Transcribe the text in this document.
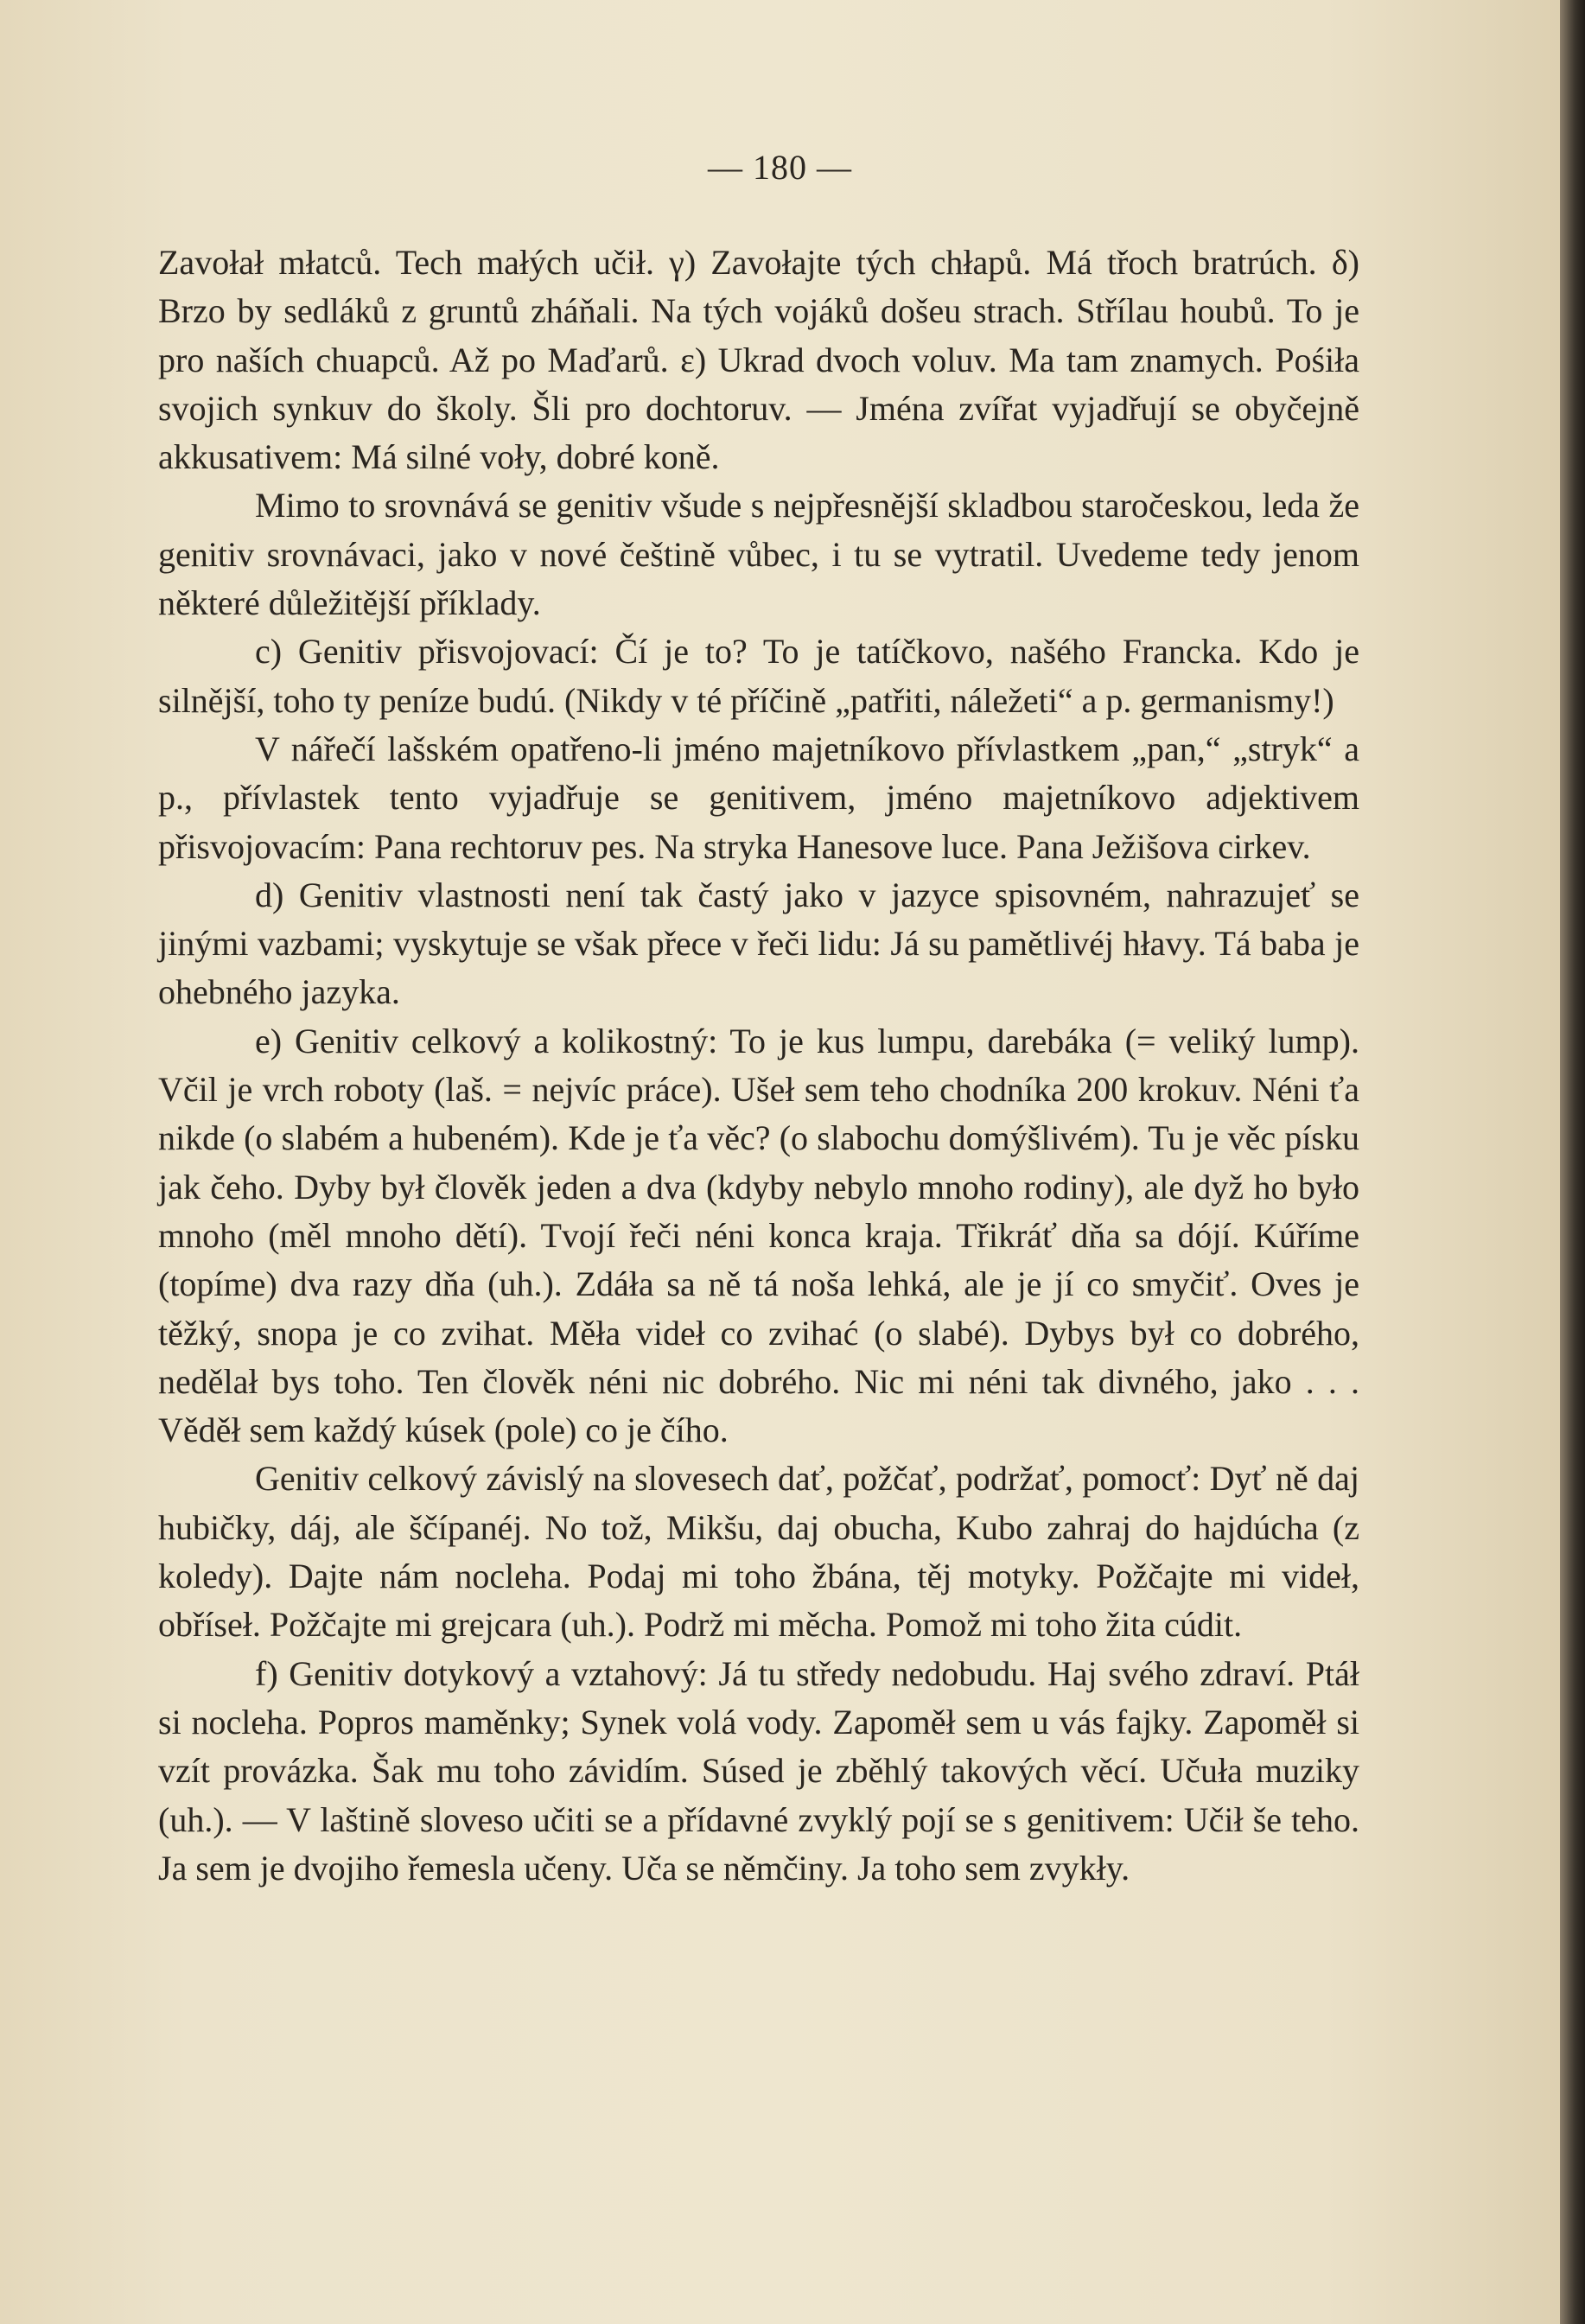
— 180 —

Zavołał młatců. Tech małých učił. γ) Zavołajte tých chłapů. Má třoch bratrúch. δ) Brzo by sedláků z gruntů zháňali. Na tých vojáků došeu strach. Střílau houbů. To je pro naších chuapců. Až po Maďarů. ε) Ukrad dvoch voluv. Ma tam znamych. Pośiła svojich synkuv do školy. Šli pro dochtoruv. — Jména zvířat vyjadřují se obyčejně akkusativem: Má silné voły, dobré koně.

Mimo to srovnává se genitiv všude s nejpřesnější skladbou staročeskou, leda že genitiv srovnávaci, jako v nové češtině vůbec, i tu se vytratil. Uvedeme tedy jenom některé důležitější příklady.

c) Genitiv přisvojovací: Čí je to? To je tatíčkovo, našého Francka. Kdo je silnější, toho ty peníze budú. (Nikdy v té příčině „patřiti, náležeti“ a p. germanismy!)

V nářečí lašském opatřeno-li jméno majetníkovo přívlastkem „pan,“ „stryk“ a p., přívlastek tento vyjadřuje se genitivem, jméno majetníkovo adjektivem přisvojovacím: Pana rechtoruv pes. Na stryka Hanesove luce. Pana Ježišova cirkev.

d) Genitiv vlastnosti není tak častý jako v jazyce spisovném, nahrazujeť se jinými vazbami; vyskytuje se však přece v řeči lidu: Já su pamětlivéj hłavy. Tá baba je ohebného jazyka.

e) Genitiv celkový a kolikostný: To je kus lumpu, darebáka (= veliký lump). Včil je vrch roboty (laš. = nejvíc práce). Ušeł sem teho chodníka 200 krokuv. Néni ťa nikde (o slabém a hubeném). Kde je ťa věc? (o slabochu domýšlivém). Tu je věc písku jak čeho. Dyby był člověk jeden a dva (kdyby nebylo mnoho rodiny), ale dyž ho było mnoho (měl mnoho dětí). Tvojí řeči néni konca kraja. Třikráť dňa sa dójí. Kúříme (topíme) dva razy dňa (uh.). Zdáła sa ně tá noša lehká, ale je jí co smyčiť. Oves je těžký, snopa je co zvihat. Měła videł co zvihać (o slabé). Dybys był co dobrého, nedělał bys toho. Ten člověk néni nic dobrého. Nic mi néni tak divného, jako . . . Věděł sem každý kúsek (pole) co je čího.

Genitiv celkový závislý na slovesech dať, požčať, podržať, pomocť: Dyť ně daj hubičky, dáj, ale ščípanéj. No tož, Mikšu, daj obucha, Kubo zahraj do hajdúcha (z koledy). Dajte nám nocleha. Podaj mi toho žbána, těj motyky. Požčajte mi videł, obříseł. Požčajte mi grejcara (uh.). Podrž mi měcha. Pomož mi toho žita cúdit.

f) Genitiv dotykový a vztahový: Já tu středy nedobudu. Haj svého zdraví. Ptáł si nocleha. Popros maměnky; Synek volá vody. Zapoměł sem u vás fajky. Zapoměł si vzít provázka. Šak mu toho závidím. Súsed je zběhlý takových věcí. Učuła muziky (uh.). — V laštině sloveso učiti se a přídavné zvyklý pojí se s genitivem: Učił še teho. Ja sem je dvojiho řemesla učeny. Uča se němčiny. Ja toho sem zvykły.
